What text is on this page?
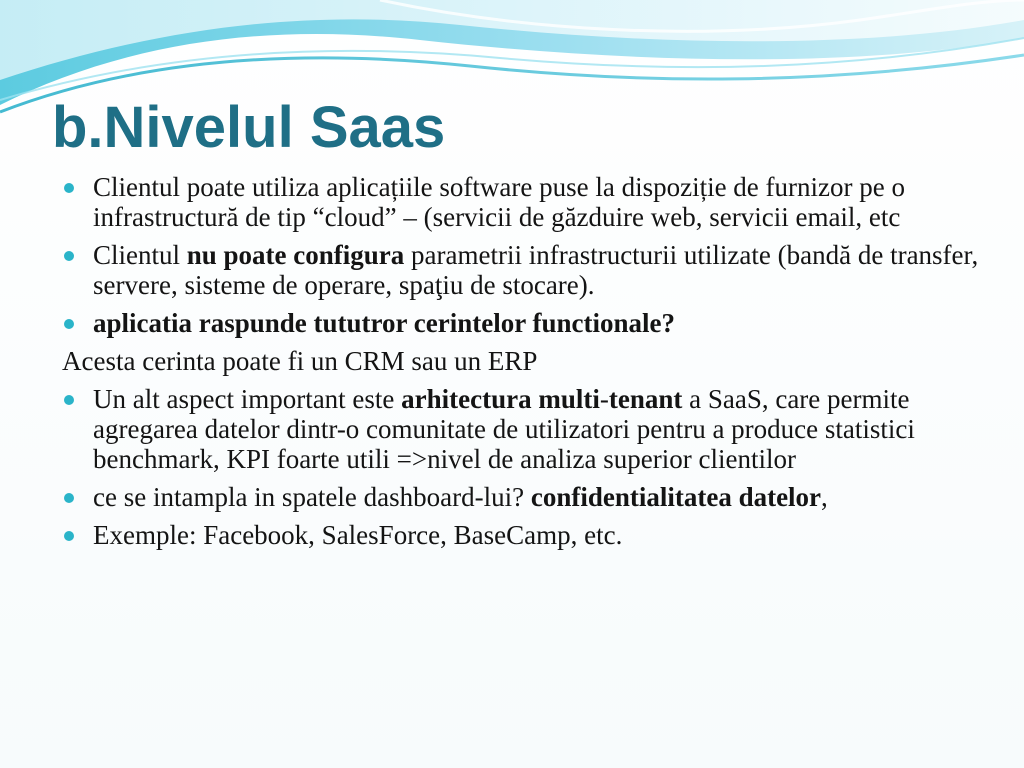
b.Nivelul Saas
Clientul poate utiliza aplicațiile software puse la dispoziție de furnizor pe o infrastructură de tip “cloud” – (servicii de găzduire web, servicii email, etc
Clientul nu poate configura parametrii infrastructurii utilizate (bandă de transfer, servere, sisteme de operare, spaţiu de stocare).
aplicatia raspunde tututror cerintelor functionale?
Acesta cerinta poate fi un CRM sau un ERP
Un alt aspect important este arhitectura multi-tenant a SaaS, care permite agregarea datelor dintr-o comunitate de utilizatori pentru a produce statistici benchmark, KPI foarte utili =>nivel de analiza superior clientilor
ce se intampla in spatele dashboard-lui? confidentialitatea datelor,
Exemple: Facebook, SalesForce, BaseCamp, etc.
